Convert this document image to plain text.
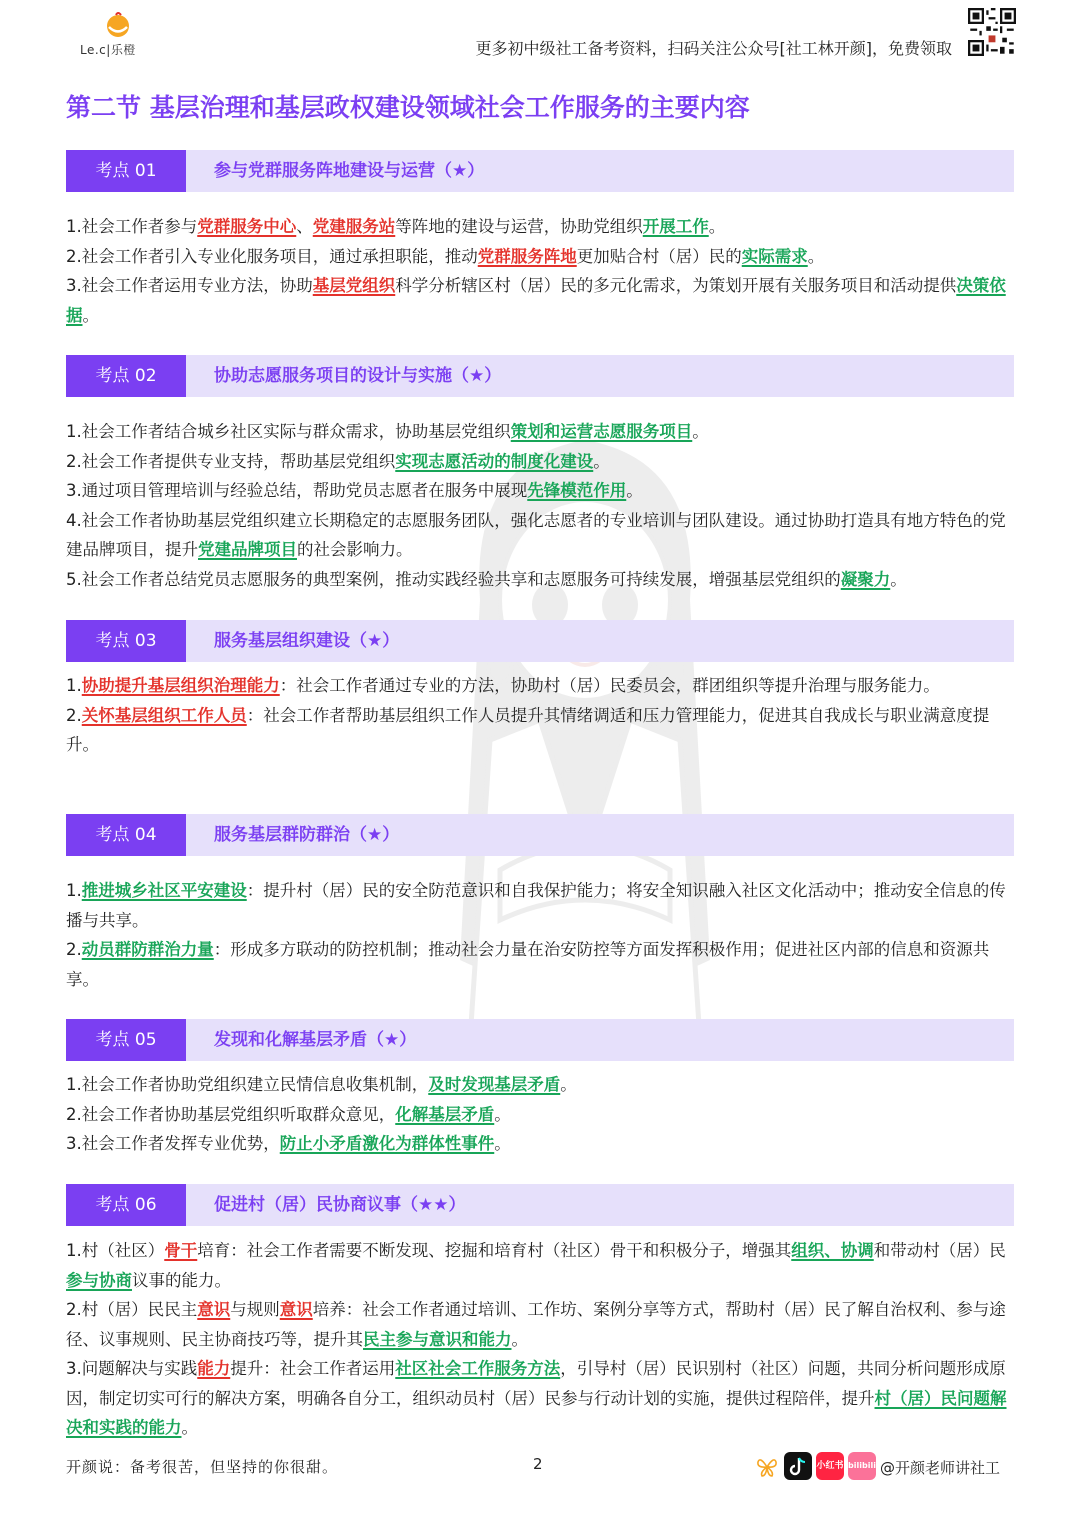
Le.c|乐橙	更多初中级社工备考资料，扫码关注公众号[社工林开颜]，免费领取
第二节 基层治理和基层政权建设领域社会工作服务的主要内容
考点 01	参与党群服务阵地建设与运营（★）

1.社会工作者参与党群服务中心、党建服务站等阵地的建设与运营，协助党组织开展工作。

2.社会工作者引入专业化服务项目，通过承担职能，推动党群服务阵地更加贴合村（居）民的实际需求。

3.社会工作者运用专业方法，协助基层党组织科学分析辖区村（居）民的多元化需求，为策划开展有关服务项目和活动提供决策依据。

考点 02	协助志愿服务项目的设计与实施（★）

1.社会工作者结合城乡社区实际与群众需求，协助基层党组织策划和运营志愿服务项目。

2.社会工作者提供专业支持，帮助基层党组织实现志愿活动的制度化建设。

3.通过项目管理培训与经验总结，帮助党员志愿者在服务中展现先锋模范作用。

4.社会工作者协助基层党组织建立长期稳定的志愿服务团队，强化志愿者的专业培训与团队建设。通过协助打造具有地方特色的党建品牌项目，提升党建品牌项目的社会影响力。

5.社会工作者总结党员志愿服务的典型案例，推动实践经验共享和志愿服务可持续发展，增强基层党组织的凝聚力。

考点 03	服务基层组织建设（★）

1.协助提升基层组织治理能力：社会工作者通过专业的方法，协助村（居）民委员会，群团组织等提升治理与服务能力。

2.关怀基层组织工作人员：社会工作者帮助基层组织工作人员提升其情绪调适和压力管理能力，促进其自我成长与职业满意度提升。

考点 04	服务基层群防群治（★）

1.推进城乡社区平安建设：提升村（居）民的安全防范意识和自我保护能力；将安全知识融入社区文化活动中；推动安全信息的传播与共享。

2.动员群防群治力量：形成多方联动的防控机制；推动社会力量在治安防控等方面发挥积极作用；促进社区内部的信息和资源共享。

考点 05	发现和化解基层矛盾（★）

1.社会工作者协助党组织建立民情信息收集机制，及时发现基层矛盾。

2.社会工作者协助基层党组织听取群众意见，化解基层矛盾。

3.社会工作者发挥专业优势，防止小矛盾激化为群体性事件。

考点 06	促进村（居）民协商议事（★★）

1.村（社区）骨干培育：社会工作者需要不断发现、挖掘和培育村（社区）骨干和积极分子，增强其组织、协调和带动村（居）民参与协商议事的能力。

2.村（居）民民主意识与规则意识培养：社会工作者通过培训、工作坊、案例分享等方式，帮助村（居）民了解自治权利、参与途径、议事规则、民主协商技巧等，提升其民主参与意识和能力。

3.问题解决与实践能力提升：社会工作者运用社区社会工作服务方法，引导村（居）民识别村（社区）问题，共同分析问题形成原因，制定切实可行的解决方案，明确各自分工，组织动员村（居）民参与行动计划的实施，提供过程陪伴，提升村（居）民问题解决和实践的能力。

开颜说：备考很苦，但坚持的你很甜。	2	小红书 bilibili @开颜老师讲社工
